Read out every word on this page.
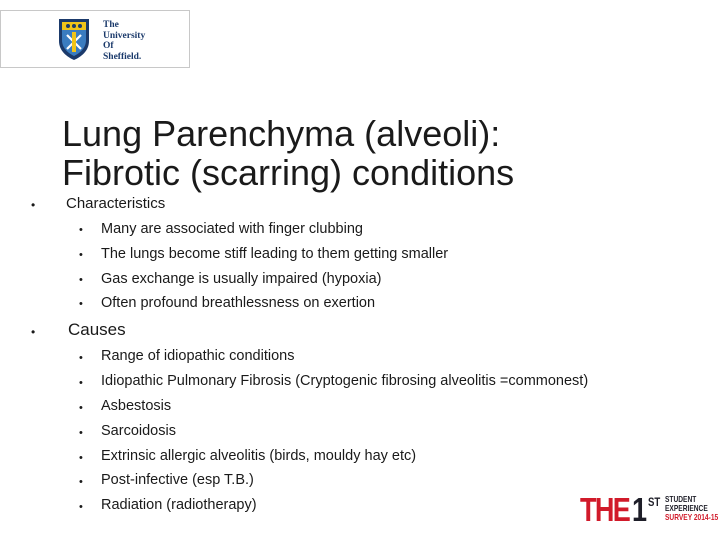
The
University
Of
Sheffield.
Lung Parenchyma (alveoli):
Fibrotic (scarring) conditions
• Characteristics
• Many are associated with finger clubbing
• The lungs become stiff leading to them getting smaller
• Gas exchange is usually impaired (hypoxia)
• Often profound breathlessness on exertion
• Causes
• Range of idiopathic conditions
• Idiopathic Pulmonary Fibrosis (Cryptogenic fibrosing alveolitis =commonest)
• Asbestosis
• Sarcoidosis
• Extrinsic allergic alveolitis (birds, mouldy hay etc)
• Post-infective (esp T.B.)
• Radiation (radiotherapy)	THE 1 ST STUDENT
EXPERIENCE
SURVEY 2014-15
